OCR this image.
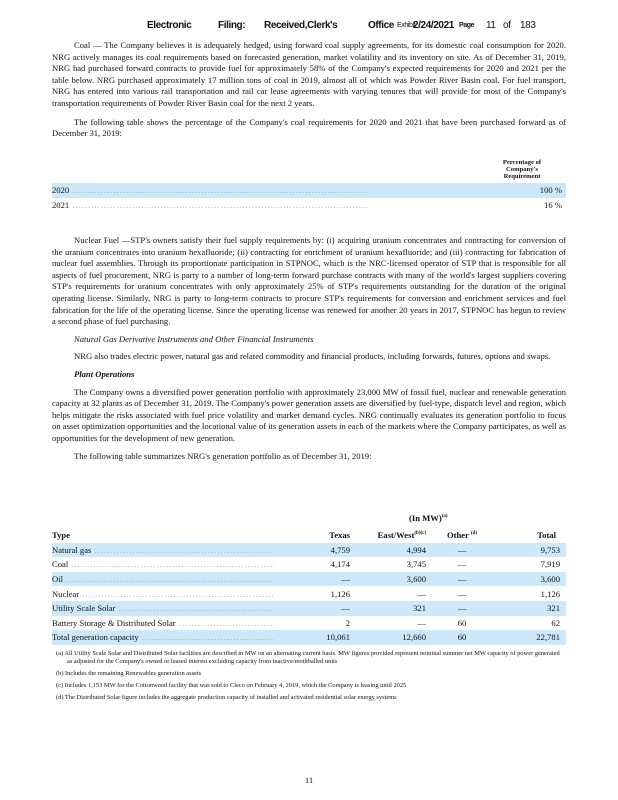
Electronic	Filing: Received,Clerk's	Office Exhibit
2/24/2021 Page 11 of 183

Coal — The Company believes it is adequately hedged, using forward coal supply agreements, for its domestic coal consumption for 2020. NRG actively manages its coal requirements based on forecasted generation, market volatility and its inventory on site. As of December 31, 2019, NRG had purchased forward contracts to provide fuel for approximately 58% of the Company's expected requirements for 2020 and 2021 per the table below. NRG purchased approximately 17 million tons of coal in 2019, almost all of which was Powder River Basin coal. For fuel transport, NRG has entered into various rail transportation and rail car lease agreements with varying tenures that will provide for most of the Company's transportation requirements of Powder River Basin coal for the next 2 years.

The following table shows the percentage of the Company's coal requirements for 2020 and 2021 that have been purchased forward as of December 31, 2019:

Percentage of Company's Requirement
2020 .....	100 %
2021 .....	16 %

Nuclear Fuel —STP's owners satisfy their fuel supply requirements by: (i) acquiring uranium concentrates and contracting for conversion of the uranium concentrates into uranium hexafluoride; (ii) contracting for enrichment of uranium hexafluoride; and (iii) contracting for fabrication of nuclear fuel assemblies. Through its proportionate participation in STPNOC, which is the NRC-licensed operator of STP that is responsible for all aspects of fuel procurement, NRG is party to a number of long-term forward purchase contracts with many of the world's largest suppliers covering STP's requirements for uranium concentrates with only approximately 25% of STP's requirements outstanding for the duration of the original operating license. Similarly, NRG is party to long-term contracts to procure STP's requirements for conversion and enrichment services and fuel fabrication for the life of the operating license. Since the operating license was renewed for another 20 years in 2017, STPNOC has begun to review a second phase of fuel purchasing.

Natural Gas Derivative Instruments and Other Financial Instruments

NRG also trades electric power, natural gas and related commodity and financial products, including forwards, futures, options and swaps.

Plant Operations

The Company owns a diversified power generation portfolio with approximately 23,000 MW of fossil fuel, nuclear and renewable generation capacity at 32 plants as of December 31, 2019. The Company's power generation assets are diversified by fuel-type, dispatch level and region, which helps mitigate the risks associated with fuel price volatility and market demand cycles. NRG continually evaluates its generation portfolio to focus on asset optimization opportunities and the locational value of its generation assets in each of the markets where the Company participates, as well as opportunities for the development of new generation.

The following table summarizes NRG's generation portfolio as of December 31, 2019:

(In MW)$^{(a)}$
Type	Texas	East/West$^{(b)(c)}$	Other $^{(d)}$	Total
Natural gas .....	4,759	4,994	—	9,753
Coal .....	4,174	3,745	—	7,919
Oil .....	—	3,600	—	3,600
Nuclear .....	1,126	—	—	1,126
Utility Scale Solar .....	—	321	—	321
Battery Storage & Distributed Solar .....	2	—	60	62
Total generation capacity .....	10,061	12,660	60	22,781
(a) All Utility Scale Solar and Distributed Solar facilities are described in MW on an alternating current basis. MW figures provided represent nominal summer net MW capacity of power generated as adjusted for the Company's owned or leased interest excluding capacity from inactive/mothballed units
(b) Includes the remaining Renewables generation assets
(c) Includes 1,153 MW for the Cottonwood facility that was sold to Cleco on February 4, 2019, which the Company is leasing until 2025
(d) The Distributed Solar figure includes the aggregate production capacity of installed and activated residential solar energy systems
11
